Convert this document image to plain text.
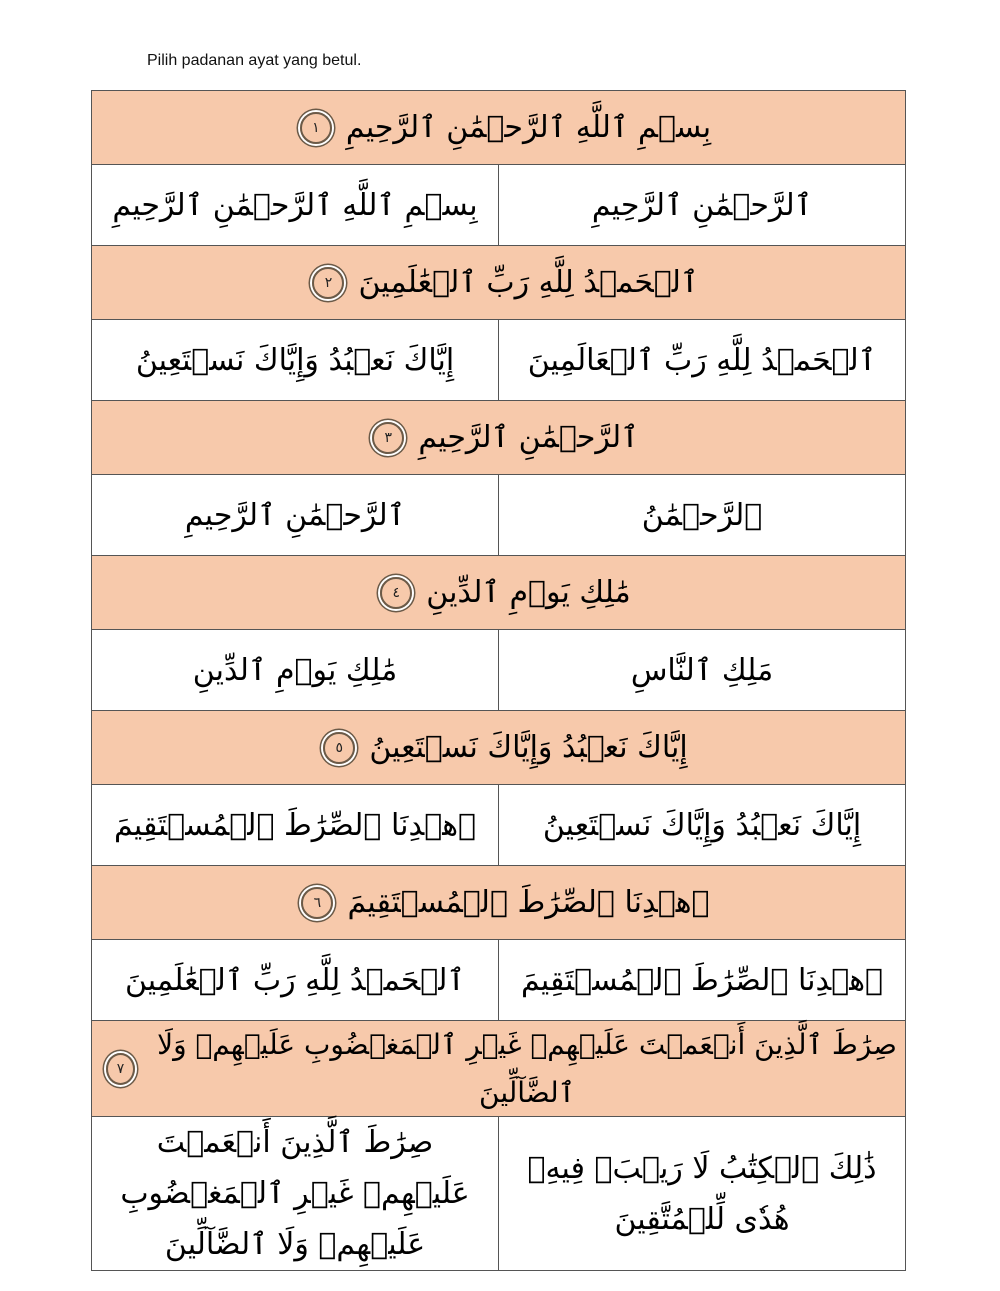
Pilih padanan ayat yang betul.
بِسۡمِ ٱللَّهِ ٱلرَّحۡمَٰنِ ٱلرَّحِيمِ
١	

بِسۡمِ ٱللَّهِ ٱلرَّحۡمَٰنِ ٱلرَّحِيمِ	ٱلرَّحۡمَٰنِ ٱلرَّحِيمِ

ٱلۡحَمۡدُ لِلَّهِ رَبِّ ٱلۡعَٰلَمِينَ
٢	

إِيَّاكَ نَعۡبُدُ وَإِيَّاكَ نَسۡتَعِينُ	ٱلۡحَمۡدُ لِلَّهِ رَبِّ ٱلۡعَالَمِينَ

ٱلرَّحۡمَٰنِ ٱلرَّحِيمِ
٣	

ٱلرَّحۡمَٰنِ ٱلرَّحِيمِ	ٱلرَّحۡمَٰنُ

مَٰلِكِ يَوۡمِ ٱلدِّينِ
٤	

مَٰلِكِ يَوۡمِ ٱلدِّينِ	مَلِكِ ٱلنَّاسِ

إِيَّاكَ نَعۡبُدُ وَإِيَّاكَ نَسۡتَعِينُ
٥	

ٱهۡدِنَا ٱلصِّرَٰطَ ٱلۡمُسۡتَقِيمَ	إِيَّاكَ نَعۡبُدُ وَإِيَّاكَ نَسۡتَعِينُ

ٱهۡدِنَا ٱلصِّرَٰطَ ٱلۡمُسۡتَقِيمَ
٦	

ٱلۡحَمۡدُ لِلَّهِ رَبِّ ٱلۡعَٰلَمِينَ	ٱهۡدِنَا ٱلصِّرَٰطَ ٱلۡمُسۡتَقِيمَ

صِرَٰطَ ٱلَّذِينَ أَنۡعَمۡتَ عَلَيۡهِمۡ غَيۡرِ ٱلۡمَغۡضُوبِ عَلَيۡهِمۡ وَلَا ٱلضَّآلِّينَ
٧	

صِرَٰطَ ٱلَّذِينَ أَنۡعَمۡتَ عَلَيۡهِمۡ غَيۡرِ ٱلۡمَغۡضُوبِ عَلَيۡهِمۡ وَلَا ٱلضَّآلِّينَ	ذَٰلِكَ ٱلۡكِتَٰبُ لَا رَيۡبَۛ فِيهِۛ هُدٗى لِّلۡمُتَّقِينَ
